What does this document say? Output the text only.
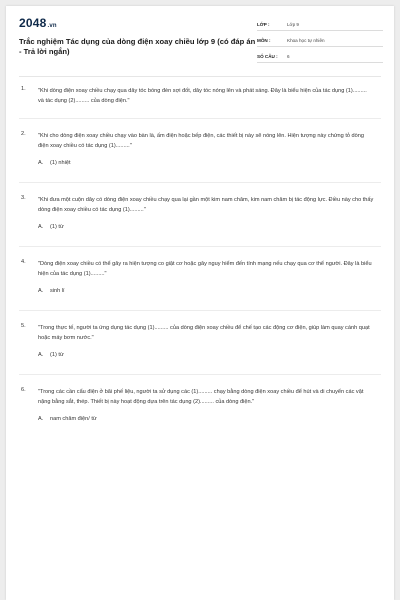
2048.vn
Trắc nghiệm Tác dụng của dòng điện xoay chiều lớp 9 (có đáp án - Trả lời ngắn)
LỚP :	Lớp 9
MÔN :	Khoa học tự nhiên
SỐ CÂU :	6
1. "Khi dòng điện xoay chiều chạy qua dây tóc bóng đèn sợi đốt, dây tóc nóng lên và phát sáng. Đây là biểu hiện của tác dụng (1)......... và tác dụng (2)......... của dòng điện."
2. "Khi cho dòng điện xoay chiều chạy vào bàn là, ấm điện hoặc bếp điện, các thiết bị này sẽ nóng lên. Hiện tượng này chứng tỏ dòng điện xoay chiều có tác dụng (1)........."
A. (1) nhiệt
3. "Khi đưa một cuộn dây có dòng điện xoay chiều chạy qua lại gần một kim nam châm, kim nam châm bị tác động lực. Điều này cho thấy dòng điện xoay chiều có tác dụng (1)........."
A. (1) từ
4. "Dòng điện xoay chiều có thể gây ra hiện tượng co giật cơ hoặc gây nguy hiểm đến tính mạng nếu chạy qua cơ thể người. Đây là biểu hiện của tác dụng (1)........."
A. sinh lí
5. "Trong thực tế, người ta ứng dụng tác dụng (1)......... của dòng điện xoay chiều để chế tạo các động cơ điện, giúp làm quay cánh quạt hoặc máy bơm nước."
A. (1) từ
6. "Trong các cần cẩu điện ở bãi phế liệu, người ta sử dụng các (1)......... chạy bằng dòng điện xoay chiều để hút và di chuyển các vật nặng bằng sắt, thép. Thiết bị này hoạt động dựa trên tác dụng (2)......... của dòng điện."
A. nam châm điện/ từ
